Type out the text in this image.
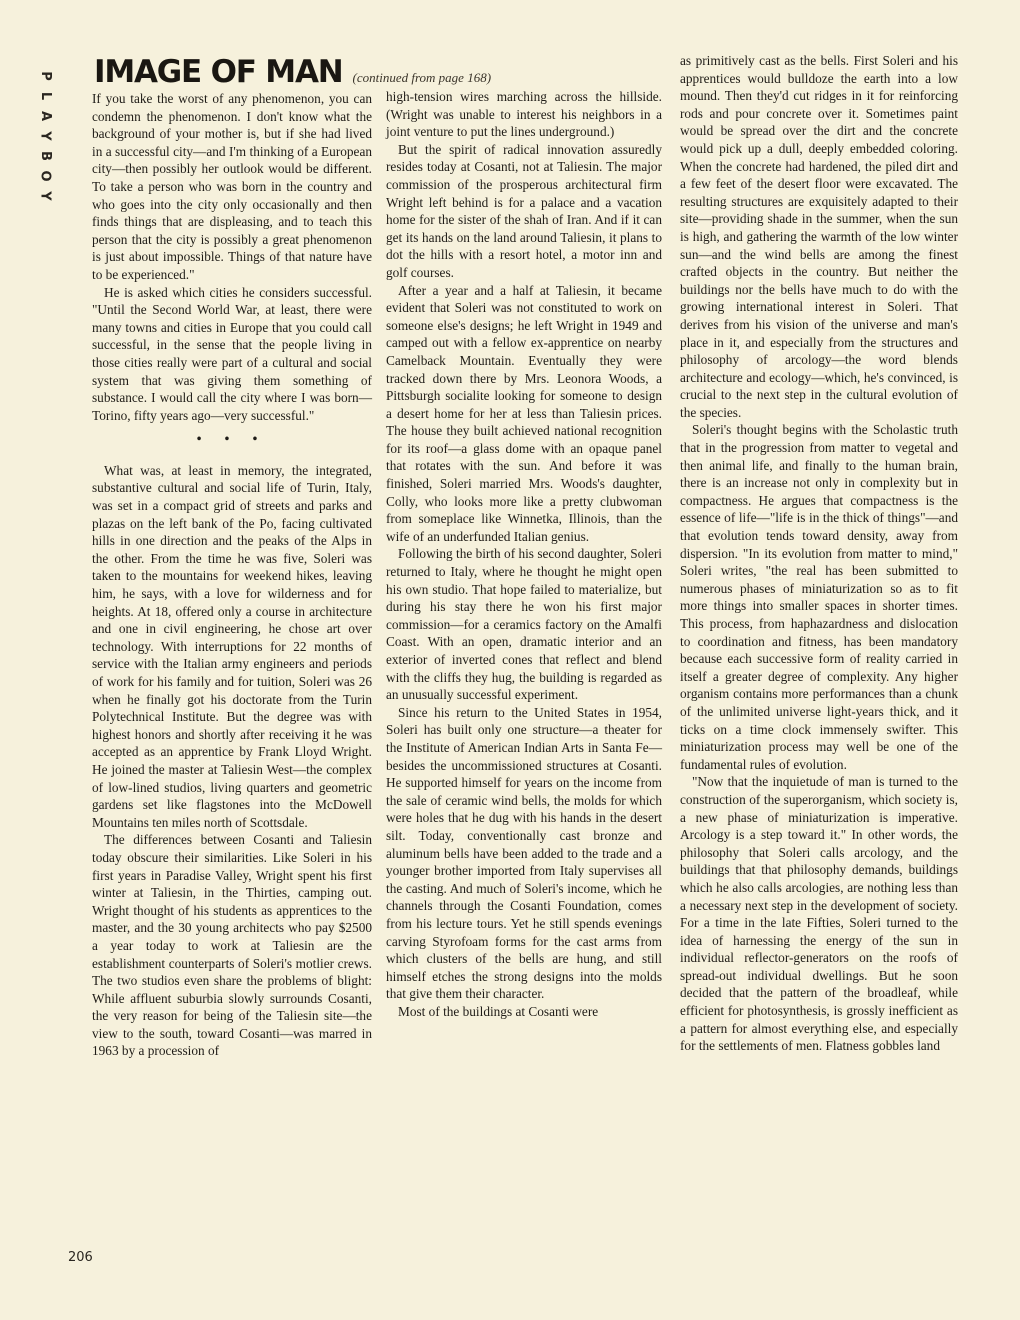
P
L
A
Y
B
O
Y
IMAGE OF MAN (continued from page 168)

If you take the worst of any phenomenon, you can condemn the phenomenon. I don't know what the background of your mother is, but if she had lived in a successful city—and I'm thinking of a European city—then possibly her outlook would be different. To take a person who was born in the country and who goes into the city only occasionally and then finds things that are displeasing, and to teach this person that the city is possibly a great phenomenon is just about impossible. Things of that nature have to be experienced."

He is asked which cities he considers successful. "Until the Second World War, at least, there were many towns and cities in Europe that you could call successful, in the sense that the people living in those cities really were part of a cultural and social system that was giving them something of substance. I would call the city where I was born—Torino, fifty years ago—very successful."

• • •

What was, at least in memory, the integrated, substantive cultural and social life of Turin, Italy, was set in a compact grid of streets and parks and plazas on the left bank of the Po, facing cultivated hills in one direction and the peaks of the Alps in the other. From the time he was five, Soleri was taken to the mountains for weekend hikes, leaving him, he says, with a love for wilderness and for heights. At 18, offered only a course in architecture and one in civil engineering, he chose art over technology. With interruptions for 22 months of service with the Italian army engineers and periods of work for his family and for tuition, Soleri was 26 when he finally got his doctorate from the Turin Polytechnical Institute. But the degree was with highest honors and shortly after receiving it he was accepted as an apprentice by Frank Lloyd Wright. He joined the master at Taliesin West—the complex of low-lined studios, living quarters and geometric gardens set like flagstones into the McDowell Mountains ten miles north of Scottsdale.

The differences between Cosanti and Taliesin today obscure their similarities. Like Soleri in his first years in Paradise Valley, Wright spent his first winter at Taliesin, in the Thirties, camping out. Wright thought of his students as apprentices to the master, and the 30 young architects who pay $2500 a year today to work at Taliesin are the establishment counterparts of Soleri's motlier crews. The two studios even share the problems of blight: While affluent suburbia slowly surrounds Cosanti, the very reason for being of the Taliesin site—the view to the south, toward Cosanti—was marred in 1963 by a procession of

high-tension wires marching across the hillside. (Wright was unable to interest his neighbors in a joint venture to put the lines underground.)

But the spirit of radical innovation assuredly resides today at Cosanti, not at Taliesin. The major commission of the prosperous architectural firm Wright left behind is for a palace and a vacation home for the sister of the shah of Iran. And if it can get its hands on the land around Taliesin, it plans to dot the hills with a resort hotel, a motor inn and golf courses.

After a year and a half at Taliesin, it became evident that Soleri was not constituted to work on someone else's designs; he left Wright in 1949 and camped out with a fellow ex-apprentice on nearby Camelback Mountain. Eventually they were tracked down there by Mrs. Leonora Woods, a Pittsburgh socialite looking for someone to design a desert home for her at less than Taliesin prices. The house they built achieved national recognition for its roof—a glass dome with an opaque panel that rotates with the sun. And before it was finished, Soleri married Mrs. Woods's daughter, Colly, who looks more like a pretty clubwoman from someplace like Winnetka, Illinois, than the wife of an underfunded Italian genius.

Following the birth of his second daughter, Soleri returned to Italy, where he thought he might open his own studio. That hope failed to materialize, but during his stay there he won his first major commission—for a ceramics factory on the Amalfi Coast. With an open, dramatic interior and an exterior of inverted cones that reflect and blend with the cliffs they hug, the building is regarded as an unusually successful experiment.

Since his return to the United States in 1954, Soleri has built only one structure—a theater for the Institute of American Indian Arts in Santa Fe—besides the uncommissioned structures at Cosanti. He supported himself for years on the income from the sale of ceramic wind bells, the molds for which were holes that he dug with his hands in the desert silt. Today, conventionally cast bronze and aluminum bells have been added to the trade and a younger brother imported from Italy supervises all the casting. And much of Soleri's income, which he channels through the Cosanti Foundation, comes from his lecture tours. Yet he still spends evenings carving Styrofoam forms for the cast arms from which clusters of the bells are hung, and still himself etches the strong designs into the molds that give them their character.

Most of the buildings at Cosanti were

as primitively cast as the bells. First Soleri and his apprentices would bulldoze the earth into a low mound. Then they'd cut ridges in it for reinforcing rods and pour concrete over it. Sometimes paint would be spread over the dirt and the concrete would pick up a dull, deeply embedded coloring. When the concrete had hardened, the piled dirt and a few feet of the desert floor were excavated. The resulting structures are exquisitely adapted to their site—providing shade in the summer, when the sun is high, and gathering the warmth of the low winter sun—and the wind bells are among the finest crafted objects in the country. But neither the buildings nor the bells have much to do with the growing international interest in Soleri. That derives from his vision of the universe and man's place in it, and especially from the structures and philosophy of arcology—the word blends architecture and ecology—which, he's convinced, is crucial to the next step in the cultural evolution of the species.

Soleri's thought begins with the Scholastic truth that in the progression from matter to vegetal and then animal life, and finally to the human brain, there is an increase not only in complexity but in compactness. He argues that compactness is the essence of life—"life is in the thick of things"—and that evolution tends toward density, away from dispersion. "In its evolution from matter to mind," Soleri writes, "the real has been submitted to numerous phases of miniaturization so as to fit more things into smaller spaces in shorter times. This process, from haphazardness and dislocation to coordination and fitness, has been mandatory because each successive form of reality carried in itself a greater degree of complexity. Any higher organism contains more performances than a chunk of the unlimited universe light-years thick, and it ticks on a time clock immensely swifter. This miniaturization process may well be one of the fundamental rules of evolution.

"Now that the inquietude of man is turned to the construction of the superorganism, which society is, a new phase of miniaturization is imperative. Arcology is a step toward it." In other words, the philosophy that Soleri calls arcology, and the buildings that that philosophy demands, buildings which he also calls arcologies, are nothing less than a necessary next step in the development of society. For a time in the late Fifties, Soleri turned to the idea of harnessing the energy of the sun in individual reflector-generators on the roofs of spread-out individual dwellings. But he soon decided that the pattern of the broadleaf, while efficient for photosynthesis, is grossly inefficient as a pattern for almost everything else, and especially for the settlements of men. Flatness gobbles land

206
